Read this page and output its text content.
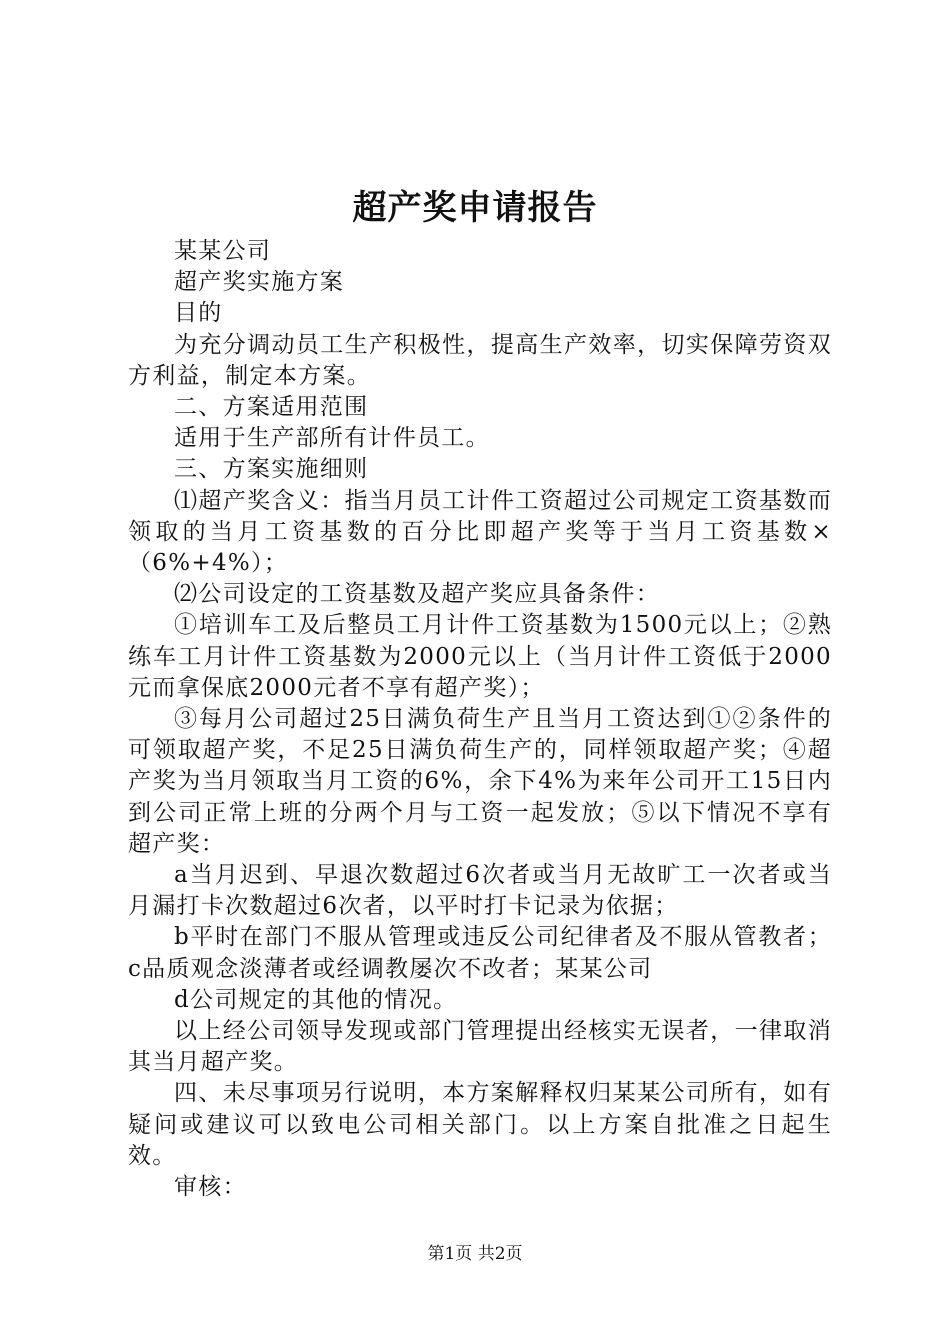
超产奖申请报告

某某公司

超产奖实施方案

目的

为充分调动员工生产积极性，提高生产效率，切实保障劳资双方利益，制定本方案。

二、方案适用范围

适用于生产部所有计件员工。

三、方案实施细则

⑴超产奖含义：指当月员工计件工资超过公司规定工资基数而领取的当月工资基数的百分比即超产奖等于当月工资基数×（6%+4%）；

⑵公司设定的工资基数及超产奖应具备条件：

①培训车工及后整员工月计件工资基数为1500元以上；②熟练车工月计件工资基数为2000元以上（当月计件工资低于2000元而拿保底2000元者不享有超产奖）；

③每月公司超过25日满负荷生产且当月工资达到①②条件的可领取超产奖，不足25日满负荷生产的，同样领取超产奖；④超产奖为当月领取当月工资的6%，余下4%为来年公司开工15日内到公司正常上班的分两个月与工资一起发放；⑤以下情况不享有超产奖：

a当月迟到、早退次数超过6次者或当月无故旷工一次者或当月漏打卡次数超过6次者，以平时打卡记录为依据；

b平时在部门不服从管理或违反公司纪律者及不服从管教者；c品质观念淡薄者或经调教屡次不改者；某某公司

d公司规定的其他的情况。

以上经公司领导发现或部门管理提出经核实无误者，一律取消其当月超产奖。

四、未尽事项另行说明，本方案解释权归某某公司所有，如有疑问或建议可以致电公司相关部门。以上方案自批准之日起生效。

审核：

第1页 共2页
